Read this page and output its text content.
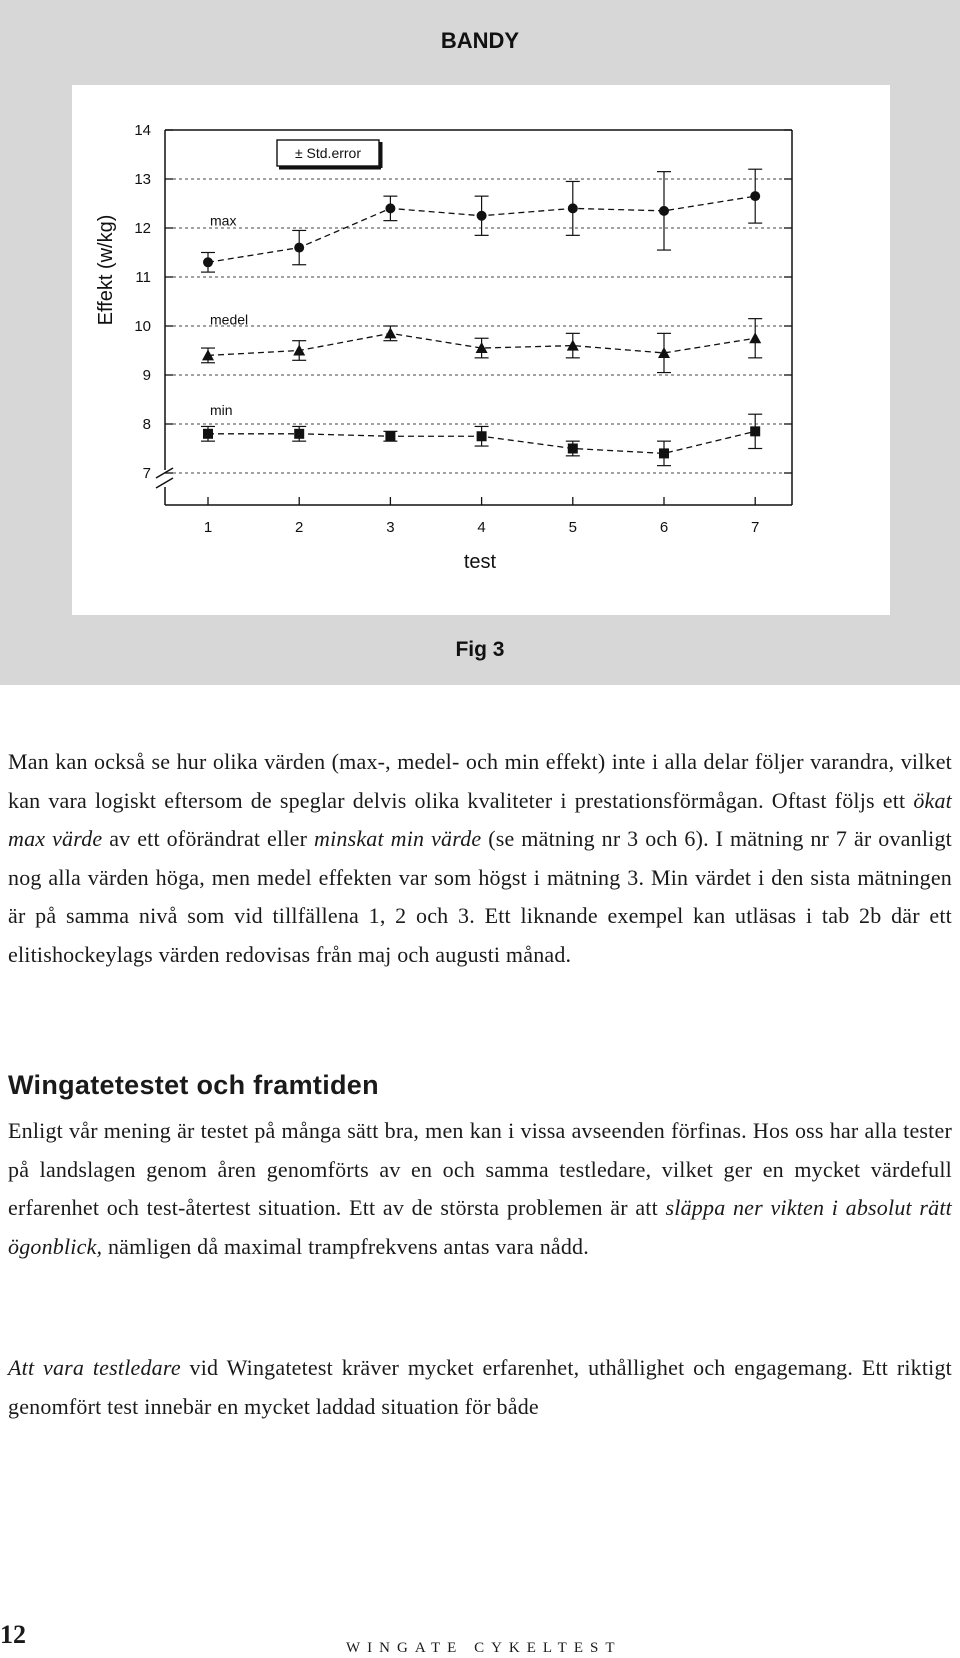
BANDY
7
8
9
10
11
12
13
14
1	2	3	4	5	6	7
test
Effekt (w/kg)
± Std.error
max
medel
min
Fig 3

Man kan också se hur olika värden (max-, medel- och min effekt) inte i alla delar följer varandra, vilket kan vara logiskt eftersom de speglar delvis olika kvaliteter i prestationsförmågan. Oftast följs ett ökat max värde av ett oförändrat eller minskat min värde (se mätning nr 3 och 6). I mätning nr 7 är ovanligt nog alla värden höga, men medel effekten var som högst i mätning 3. Min värdet i den sista mätningen är på samma nivå som vid tillfällena 1, 2 och 3. Ett liknande exempel kan utläsas i tab 2b där ett elitishockeylags värden redovisas från maj och augusti månad.

Wingatetestet och framtiden

Enligt vår mening är testet på många sätt bra, men kan i vissa avseenden förfinas. Hos oss har alla tester på landslagen genom åren genomförts av en och samma testledare, vilket ger en mycket värdefull erfarenhet och test-återtest situation. Ett av de största problemen är att släppa ner vikten i absolut rätt ögonblick, nämligen då maximal trampfrekvens antas vara nådd.

Att vara testledare vid Wingatetest kräver mycket erfarenhet, uthållighet och engagemang. Ett riktigt genomfört test innebär en mycket laddad situation för både

12	WINGATE CYKELTEST
